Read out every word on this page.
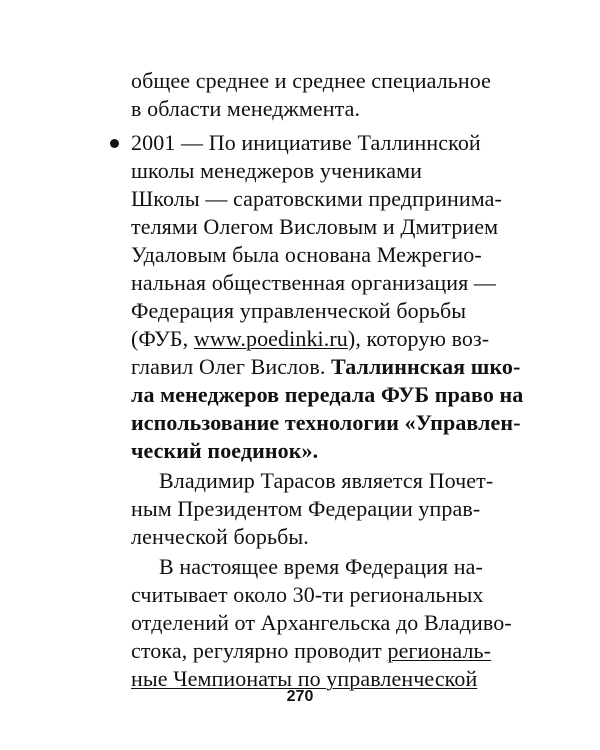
общее среднее и среднее специальное
в области менеджмента.
2001 — По инициативе Таллиннской
школы менеджеров учениками
Школы — саратовскими предпринима-
телями Олегом Висловым и Дмитрием
Удаловым была основана Межрегио-
нальная общественная организация —
Федерация управленческой борьбы
(ФУБ, www.poedinki.ru), которую воз-
главил Олег Вислов. Таллиннская шко-
ла менеджеров передала ФУБ право на
использование технологии «Управлен-
ческий поединок».
Владимир Тарасов является Почет-
ным Президентом Федерации управ-
ленческой борьбы.
В настоящее время Федерация на-
считывает около 30-ти региональных
отделений от Архангельска до Владиво-
стока, регулярно проводит региональ-
ные Чемпионаты по управленческой
270
